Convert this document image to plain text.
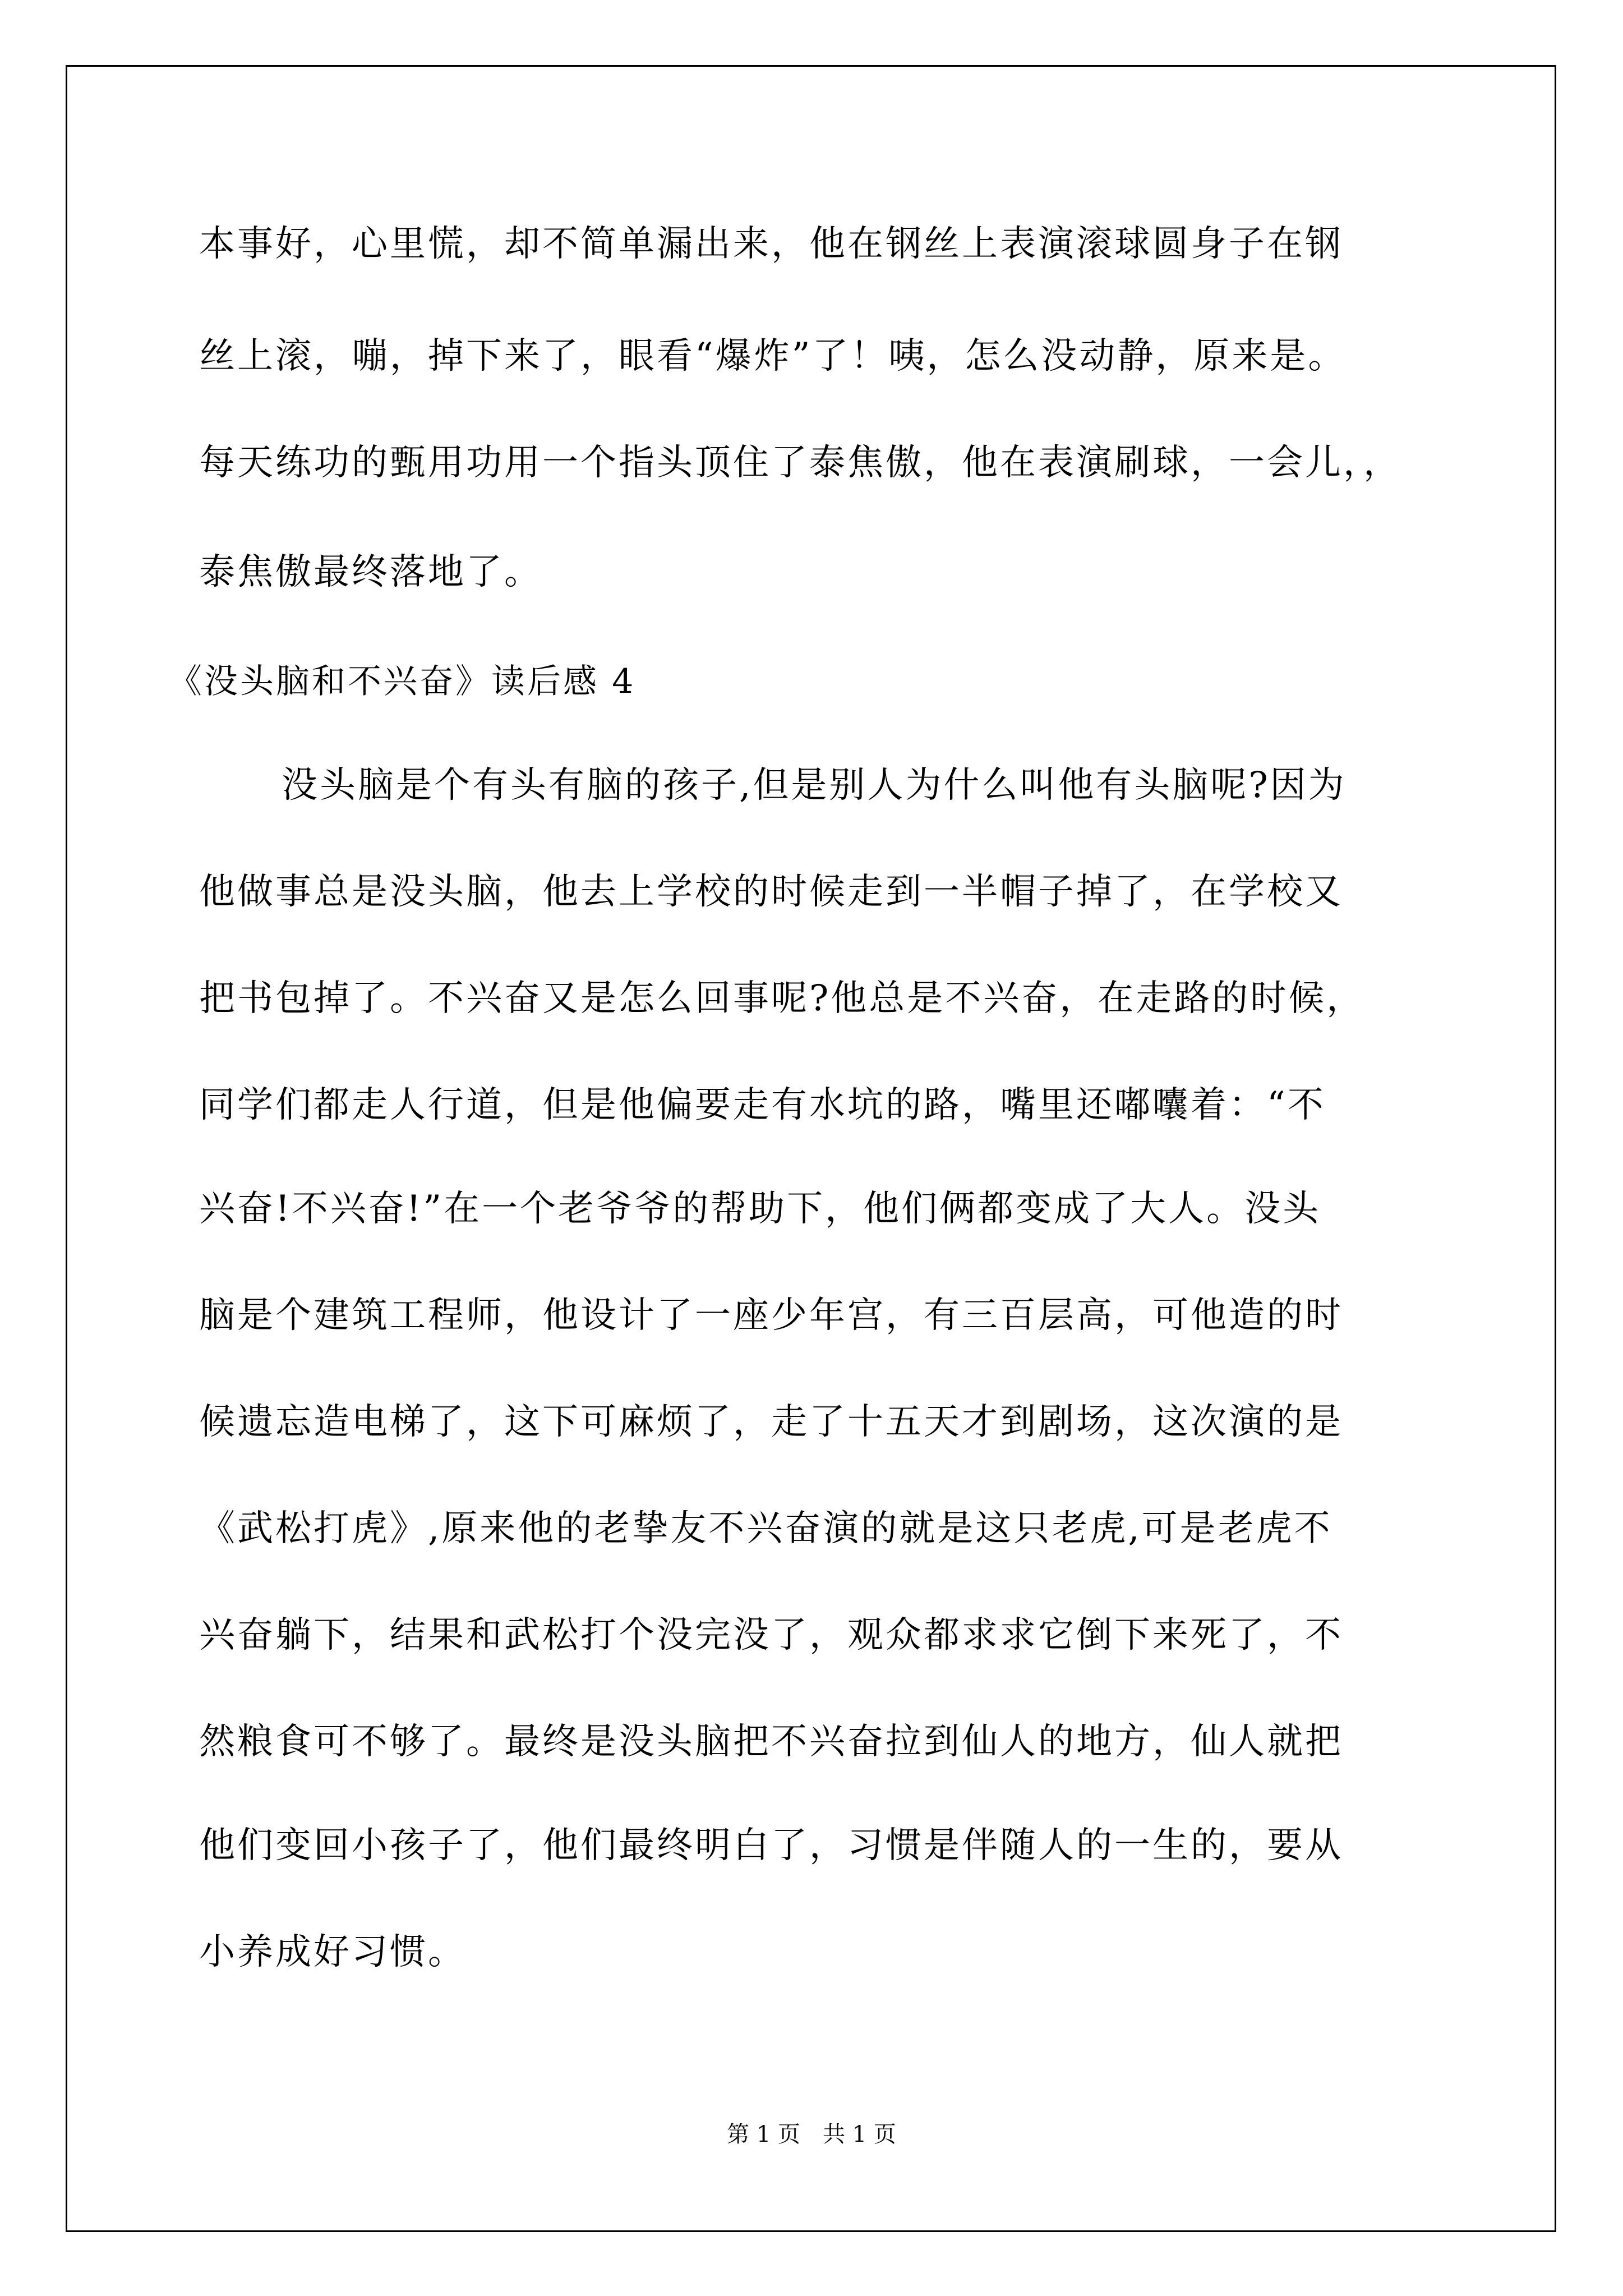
本事好，心里慌，却不简单漏出来，他在钢丝上表演滚球圆身子在钢
丝上滚，嘣，掉下来了，眼看“爆炸”了！咦，怎么没动静，原来是。
每天练功的甄用功用一个指头顶住了泰焦傲，他在表演刷球，一会儿，，
泰焦傲最终落地了。
《没头脑和不兴奋》读后感 4
没头脑是个有头有脑的孩子,但是别人为什么叫他有头脑呢?因为
他做事总是没头脑，他去上学校的时候走到一半帽子掉了，在学校又
把书包掉了。不兴奋又是怎么回事呢?他总是不兴奋，在走路的时候，
同学们都走人行道，但是他偏要走有水坑的路，嘴里还嘟囔着：“不
兴奋!不兴奋!”在一个老爷爷的帮助下，他们俩都变成了大人。没头
脑是个建筑工程师，他设计了一座少年宫，有三百层高，可他造的时
候遗忘造电梯了，这下可麻烦了，走了十五天才到剧场，这次演的是
《武松打虎》,原来他的老挚友不兴奋演的就是这只老虎,可是老虎不
兴奋躺下，结果和武松打个没完没了，观众都求求它倒下来死了，不
然粮食可不够了。最终是没头脑把不兴奋拉到仙人的地方，仙人就把
他们变回小孩子了，他们最终明白了，习惯是伴随人的一生的，要从
小养成好习惯。
第 1 页　共 1 页
